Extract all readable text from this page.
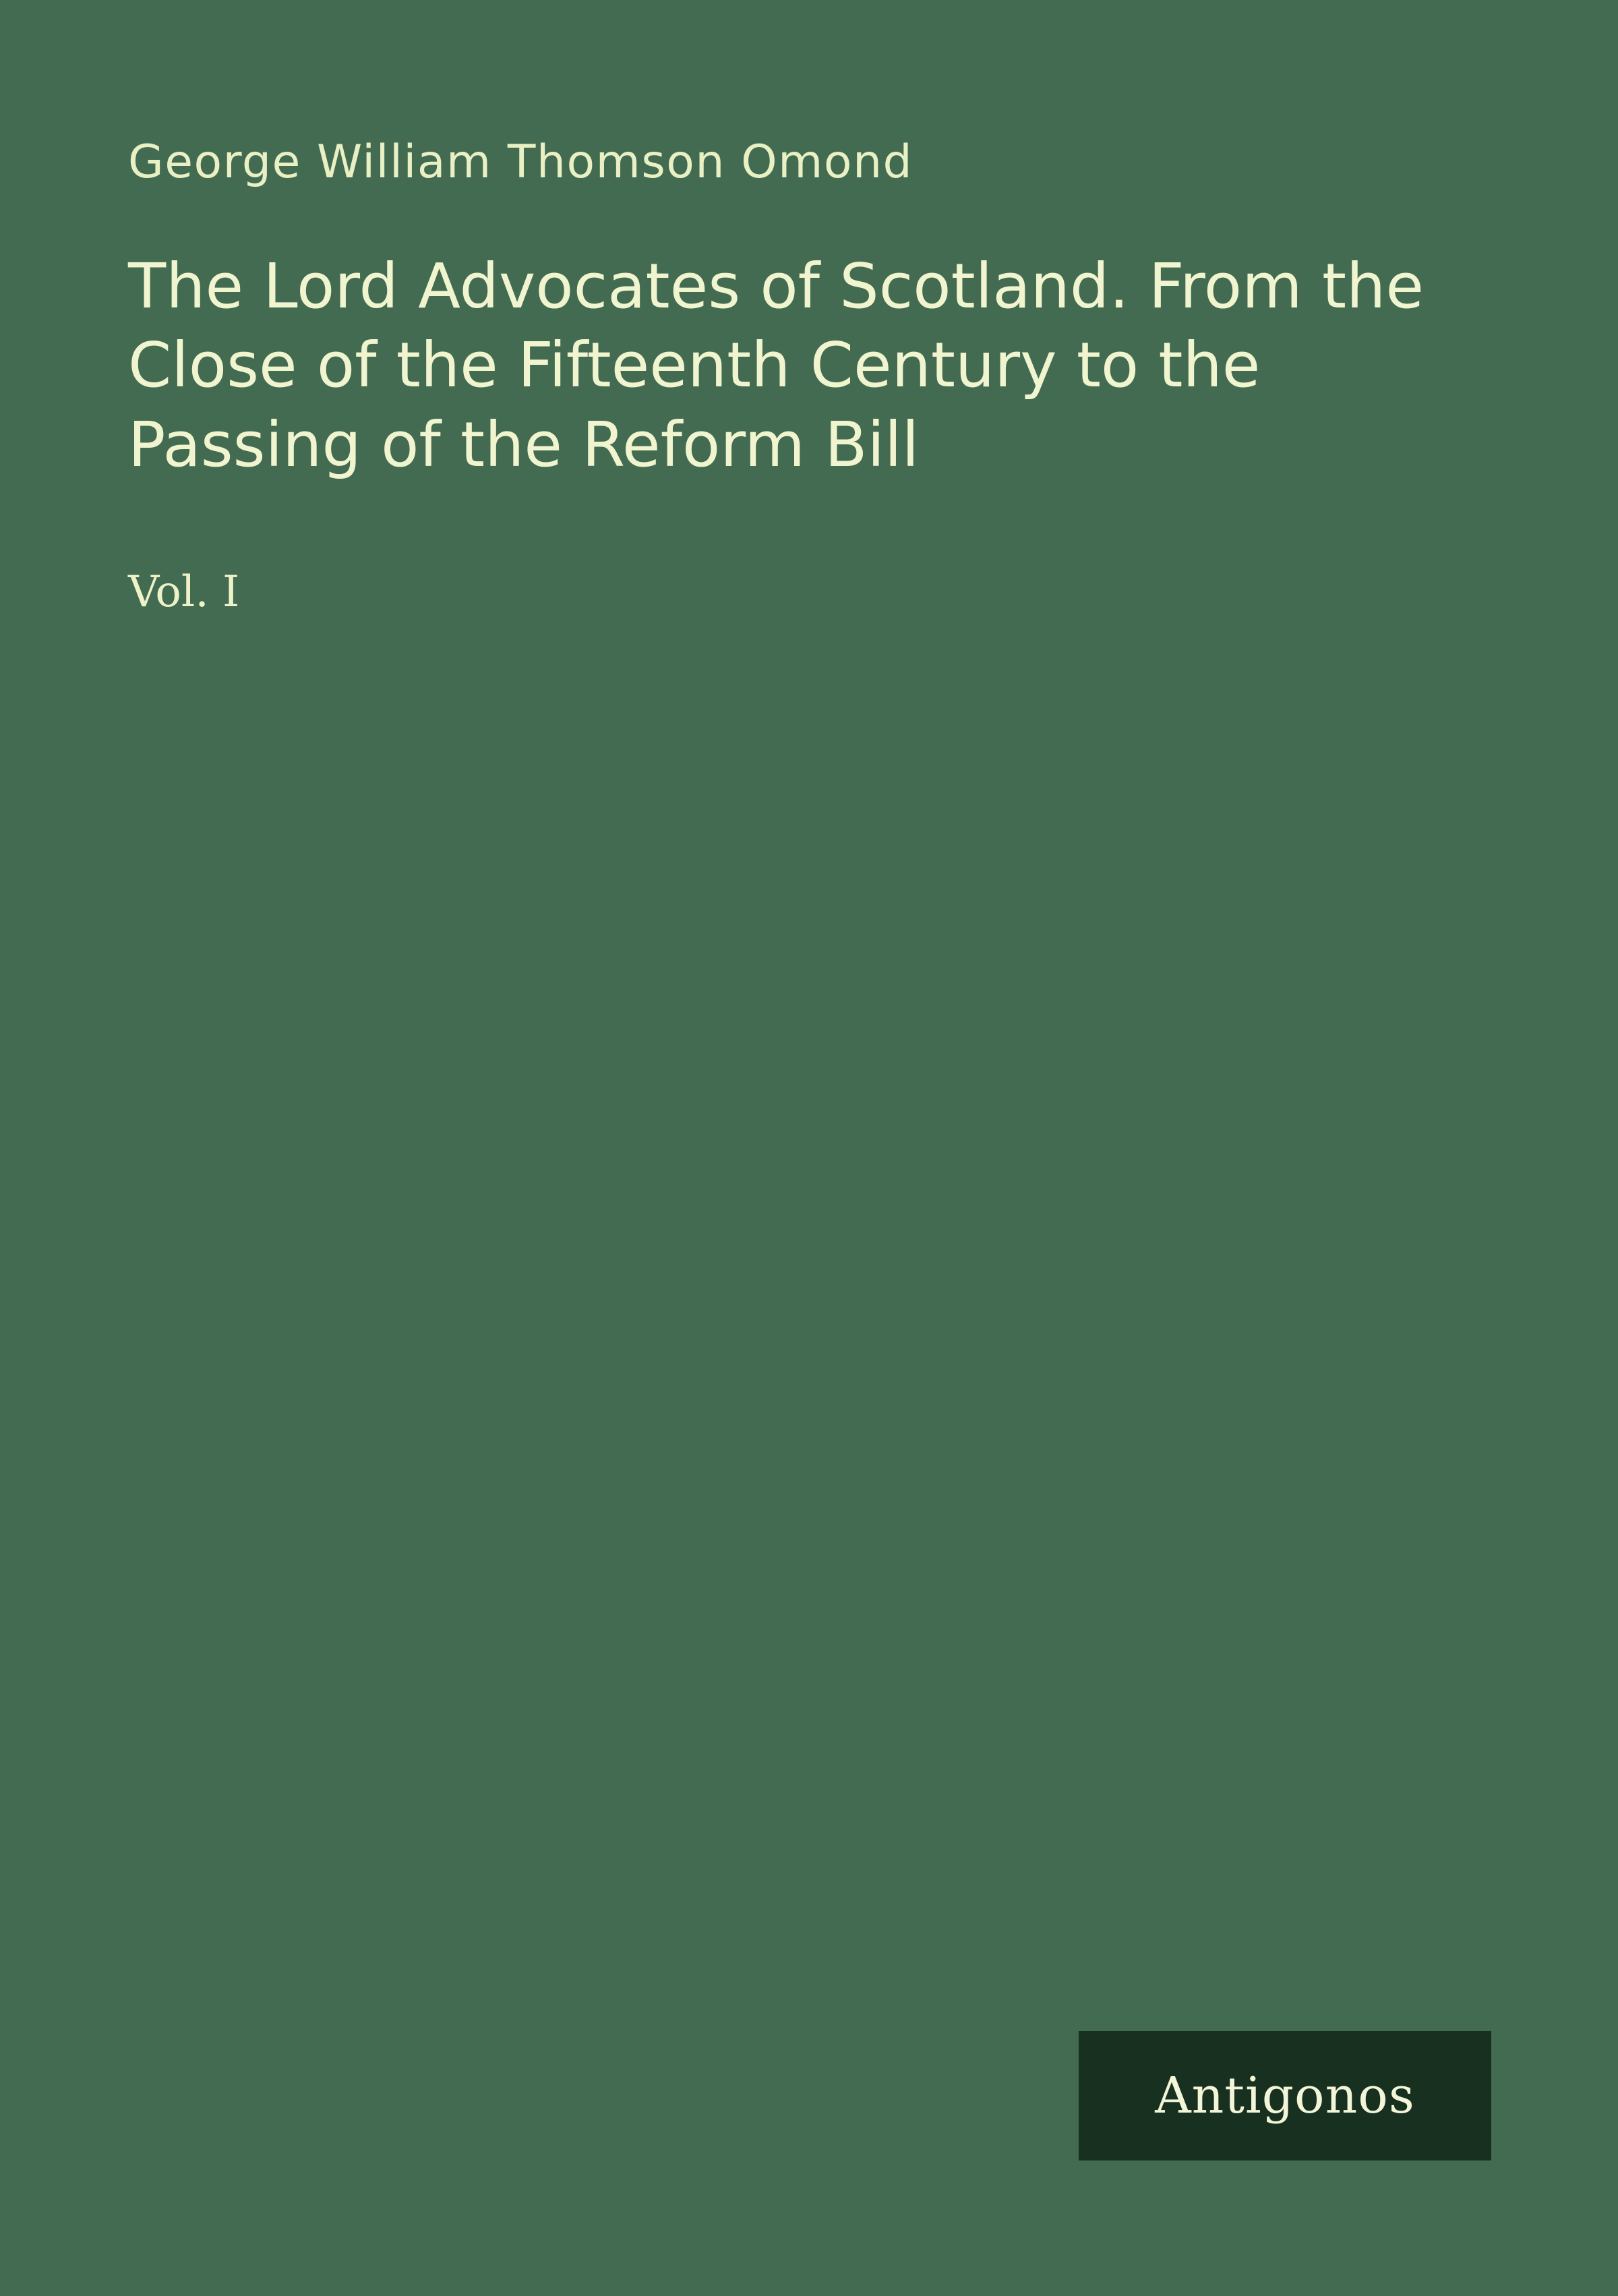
George William Thomson Omond
The Lord Advocates of Scotland. From the Close of the Fifteenth Century to the Passing of the Reform Bill
Vol. I
Antigonos
